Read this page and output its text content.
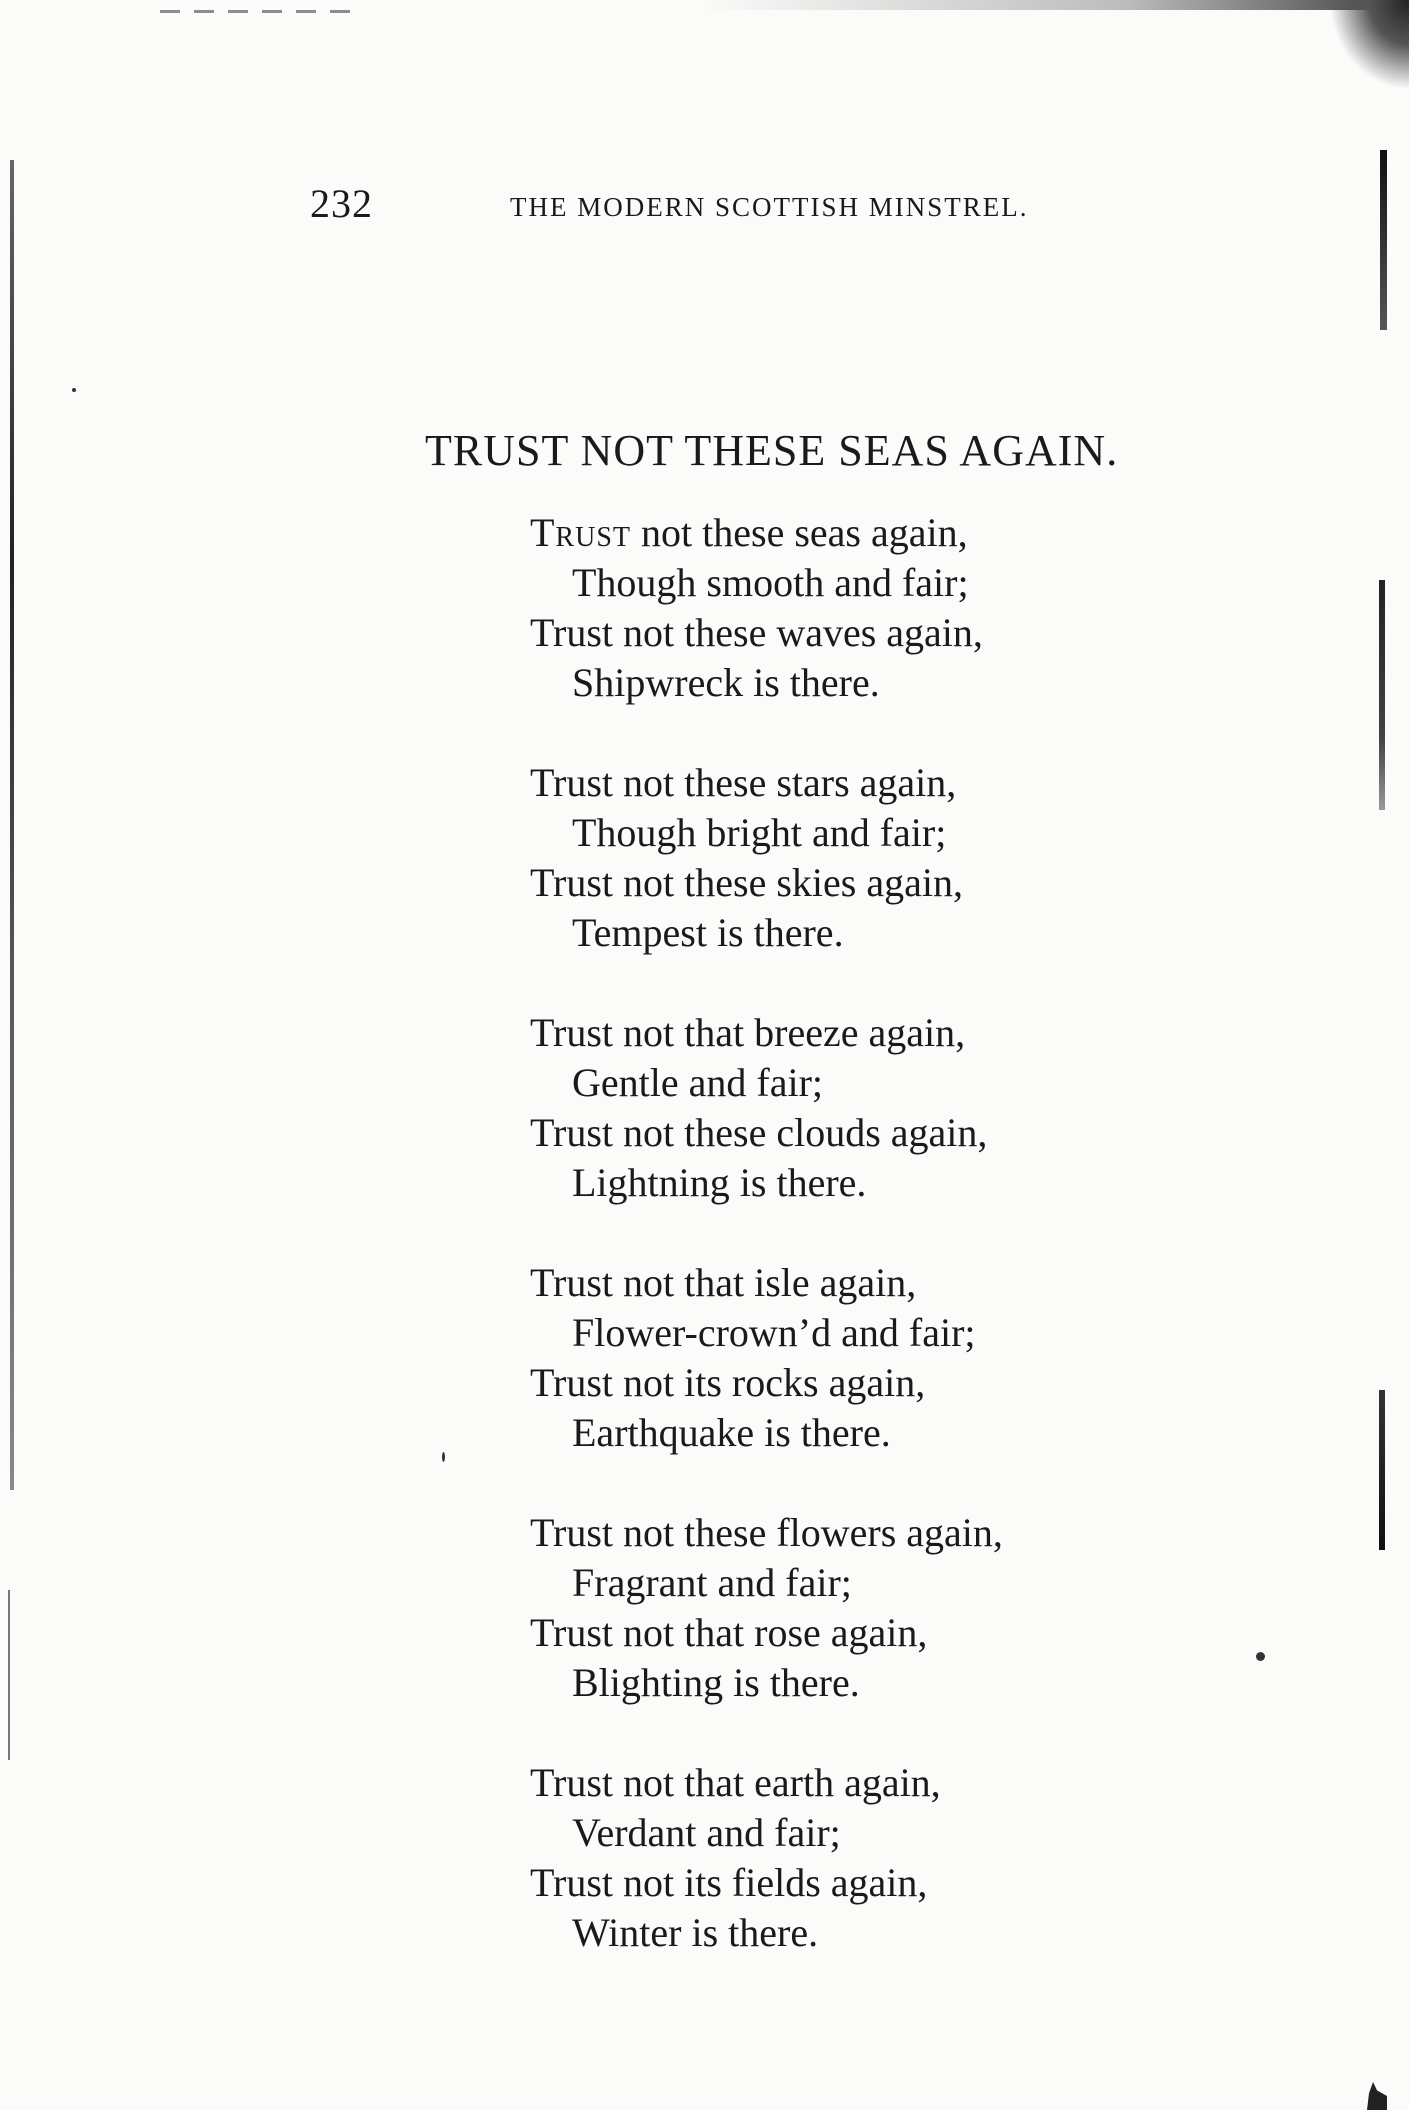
232	THE MODERN SCOTTISH MINSTREL.
TRUST NOT THESE SEAS AGAIN.
Trust not these seas again,
Though smooth and fair;
Trust not these waves again,
Shipwreck is there.
Trust not these stars again,
Though bright and fair;
Trust not these skies again,
Tempest is there.
Trust not that breeze again,
Gentle and fair;
Trust not these clouds again,
Lightning is there.
Trust not that isle again,
Flower-crown’d and fair;
Trust not its rocks again,
Earthquake is there.
Trust not these flowers again,
Fragrant and fair;
Trust not that rose again,
Blighting is there.
Trust not that earth again,
Verdant and fair;
Trust not its fields again,
Winter is there.
